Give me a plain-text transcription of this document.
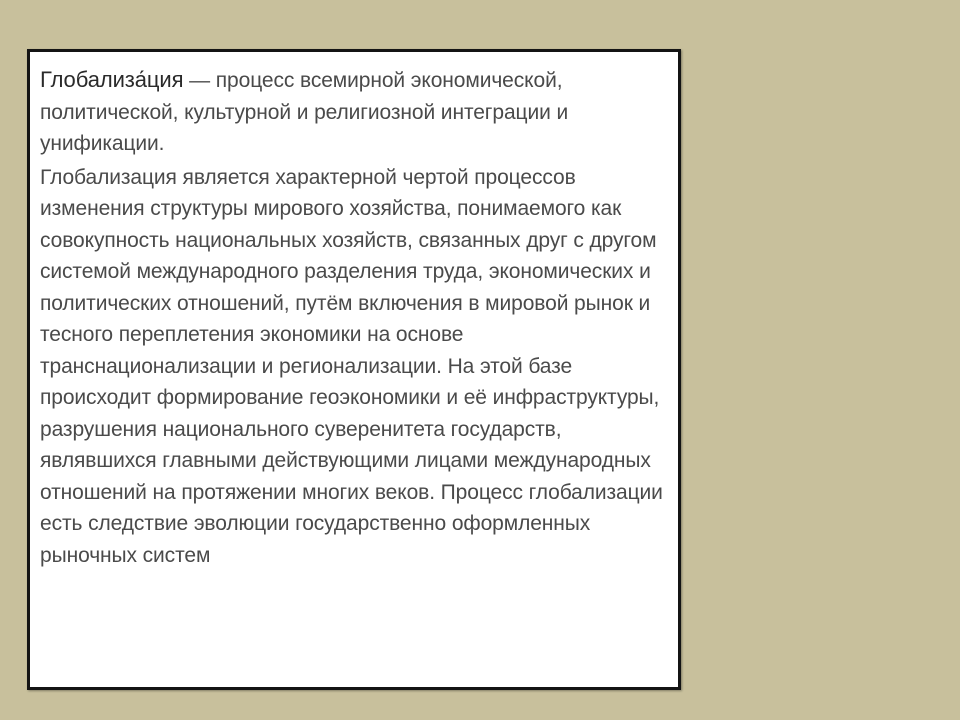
Глобализа́ция — процесс всемирной экономической, политической, культурной и религиозной интеграции и унификации.

Глобализация является характерной чертой процессов изменения структуры мирового хозяйства, понимаемого как совокупность национальных хозяйств, связанных друг с другом системой международного разделения труда, экономических и политических отношений, путём включения в мировой рынок и тесного переплетения экономики на основе транснационализации и регионализации. На этой базе происходит формирование геоэкономики и её инфраструктуры, разрушения национального суверенитета государств, являвшихся главными действующими лицами международных отношений на протяжении многих веков. Процесс глобализации есть следствие эволюции государственно оформленных рыночных систем
